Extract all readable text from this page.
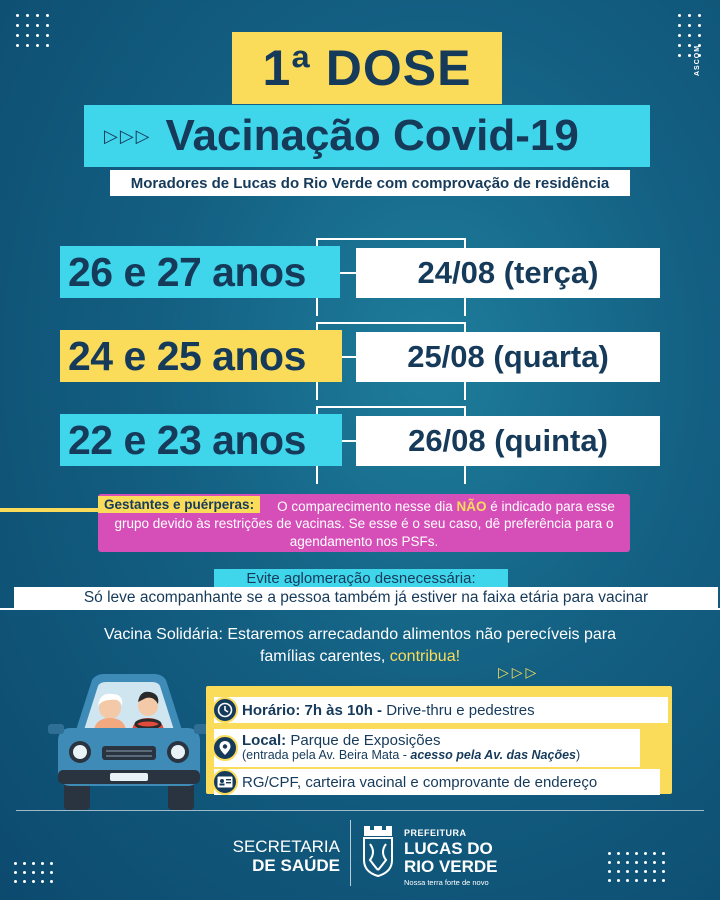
ASCOM
1ª DOSE
▷▷▷ Vacinação Covid-19
Moradores de Lucas do Rio Verde com comprovação de residência
26 e 27 anos	24/08 (terça)
24 e 25 anos	25/08 (quarta)
22 e 23 anos	26/08 (quinta)
O comparecimento nesse dia NÃO é indicado para esse grupo devido às restrições de vacinas. Se esse é o seu caso, dê preferência para o agendamento nos PSFs.
Gestantes e puérperas:
Evite aglomeração desnecessária:
Só leve acompanhante se a pessoa também já estiver na faixa etária para vacinar
Vacina Solidária: Estaremos arrecadando alimentos não perecíveis para famílias carentes, contribua!
▷▷▷
Horário: 7h às 10h -
Drive-thru e pedestres
Local: Parque de Exposições
(entrada pela Av. Beira Mata - acesso pela Av. das Nações)
RG/CPF, carteira vacinal e comprovante de endereço
SECRETARIA
DE SAÚDE
PREFEITURA
LUCAS DO
RIO VERDE
Nossa terra forte de novo
